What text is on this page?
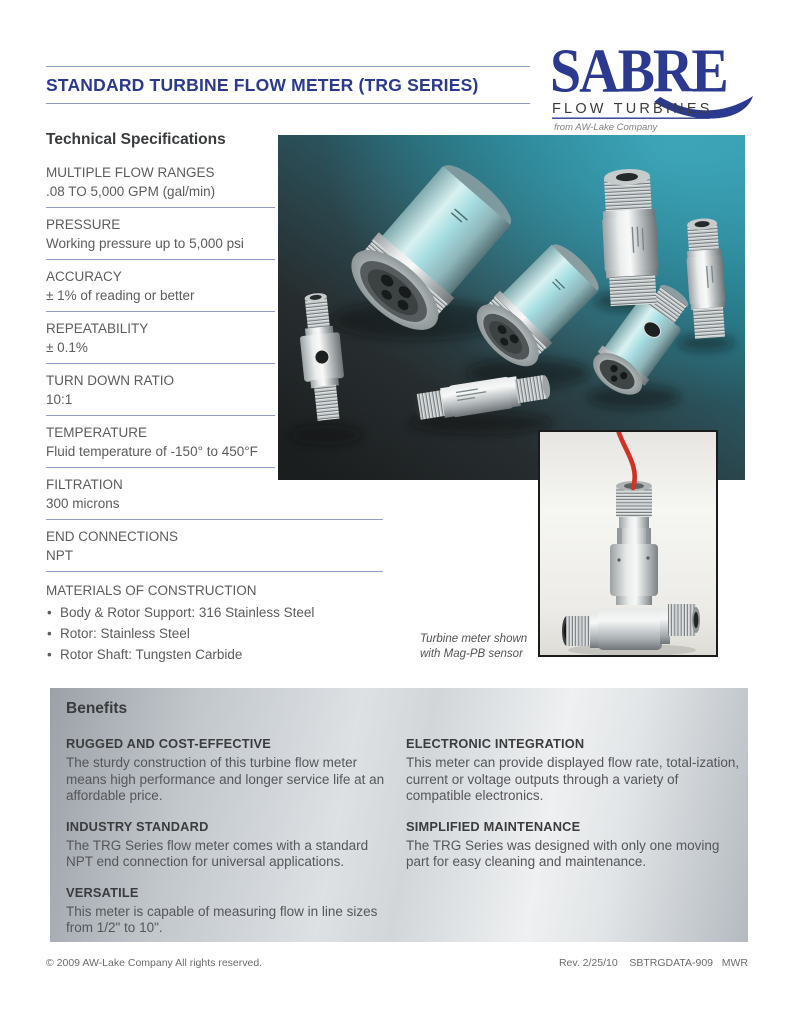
STANDARD TURBINE FLOW METER (TRG SERIES)	SABRE
FLOW TURBINES
from AW-Lake Company
Technical Specifications
MULTIPLE FLOW RANGES
.08 TO 5,000 GPM (gal/min)
PRESSURE
Working pressure up to 5,000 psi
ACCURACY
± 1% of reading or better
REPEATABILITY
± 0.1%
TURN DOWN RATIO
10:1
TEMPERATURE
Fluid temperature of -150° to 450°F
FILTRATION
300 microns
END CONNECTIONS
NPT
MATERIALS OF CONSTRUCTION
• Body & Rotor Support: 316 Stainless Steel
• Rotor: Stainless Steel
• Rotor Shaft: Tungsten Carbide
Turbine meter shown with Mag-PB sensor
Benefits
RUGGED AND COST-EFFECTIVE

The sturdy construction of this turbine flow meter means high performance and longer service life at an affordable price.

INDUSTRY STANDARD

The TRG Series flow meter comes with a standard NPT end connection for universal applications.

VERSATILE

This meter is capable of measuring flow in line sizes from 1/2" to 10".

ELECTRONIC INTEGRATION

This meter can provide displayed flow rate, total-ization, current or voltage outputs through a variety of compatible electronics.

SIMPLIFIED MAINTENANCE

The TRG Series was designed with only one moving part for easy cleaning and maintenance.

© 2009 AW-Lake Company All rights reserved.	Rev. 2/25/10    SBTRGDATA-909   MWR
